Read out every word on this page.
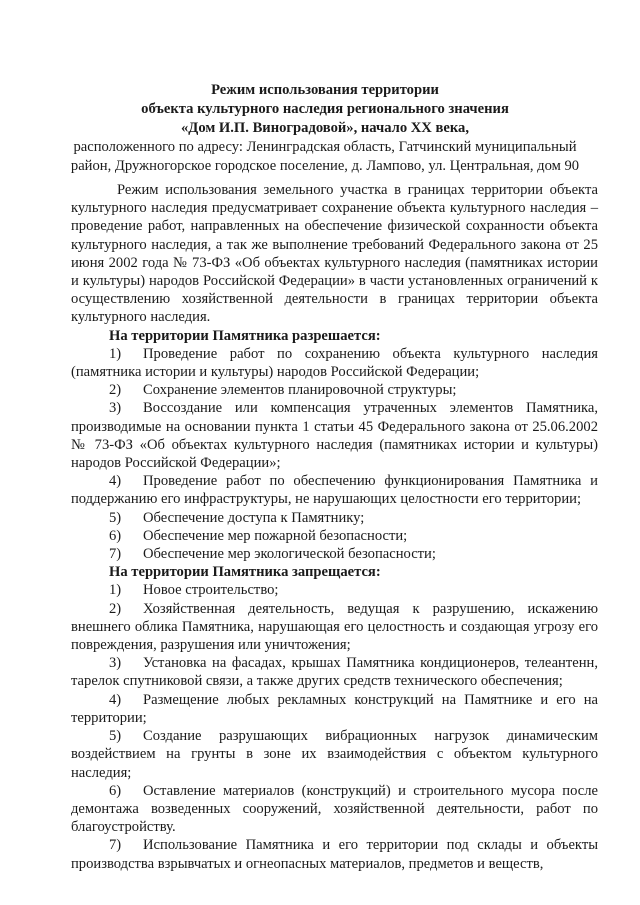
Режим использования территории
объекта культурного наследия регионального значения
«Дом И.П. Виноградовой», начало XX века,
расположенного по адресу: Ленинградская область, Гатчинский муниципальный район, Дружногорское городское поселение, д. Лампово, ул. Центральная, дом 90

Режим использования земельного участка в границах территории объекта культурного наследия предусматривает сохранение объекта культурного наследия – проведение работ, направленных на обеспечение физической сохранности объекта культурного наследия, а так же выполнение требований Федерального закона от 25 июня 2002 года № 73-ФЗ «Об объектах культурного наследия (памятниках истории и культуры) народов Российской Федерации» в части установленных ограничений к осуществлению хозяйственной деятельности в границах территории объекта культурного наследия.

На территории Памятника разрешается:

1) Проведение работ по сохранению объекта культурного наследия (памятника истории и культуры) народов Российской Федерации;

2) Сохранение элементов планировочной структуры;

3) Воссоздание или компенсация утраченных элементов Памятника, производимые на основании пункта 1 статьи 45 Федерального закона от 25.06.2002 № 73-ФЗ «Об объектах культурного наследия (памятниках истории и культуры) народов Российской Федерации»;

4) Проведение работ по обеспечению функционирования Памятника и поддержанию его инфраструктуры, не нарушающих целостности его территории;

5) Обеспечение доступа к Памятнику;

6) Обеспечение мер пожарной безопасности;

7) Обеспечение мер экологической безопасности;

На территории Памятника запрещается:

1) Новое строительство;

2) Хозяйственная деятельность, ведущая к разрушению, искажению внешнего облика Памятника, нарушающая его целостность и создающая угрозу его повреждения, разрушения или уничтожения;

3) Установка на фасадах, крышах Памятника кондиционеров, телеантенн, тарелок спутниковой связи, а также других средств технического обеспечения;

4) Размещение любых рекламных конструкций на Памятнике и его на территории;

5) Создание разрушающих вибрационных нагрузок динамическим воздействием на грунты в зоне их взаимодействия с объектом культурного наследия;

6) Оставление материалов (конструкций) и строительного мусора после демонтажа возведенных сооружений, хозяйственной деятельности, работ по благоустройству.

7) Использование Памятника и его территории под склады и объекты производства взрывчатых и огнеопасных материалов, предметов и веществ,
